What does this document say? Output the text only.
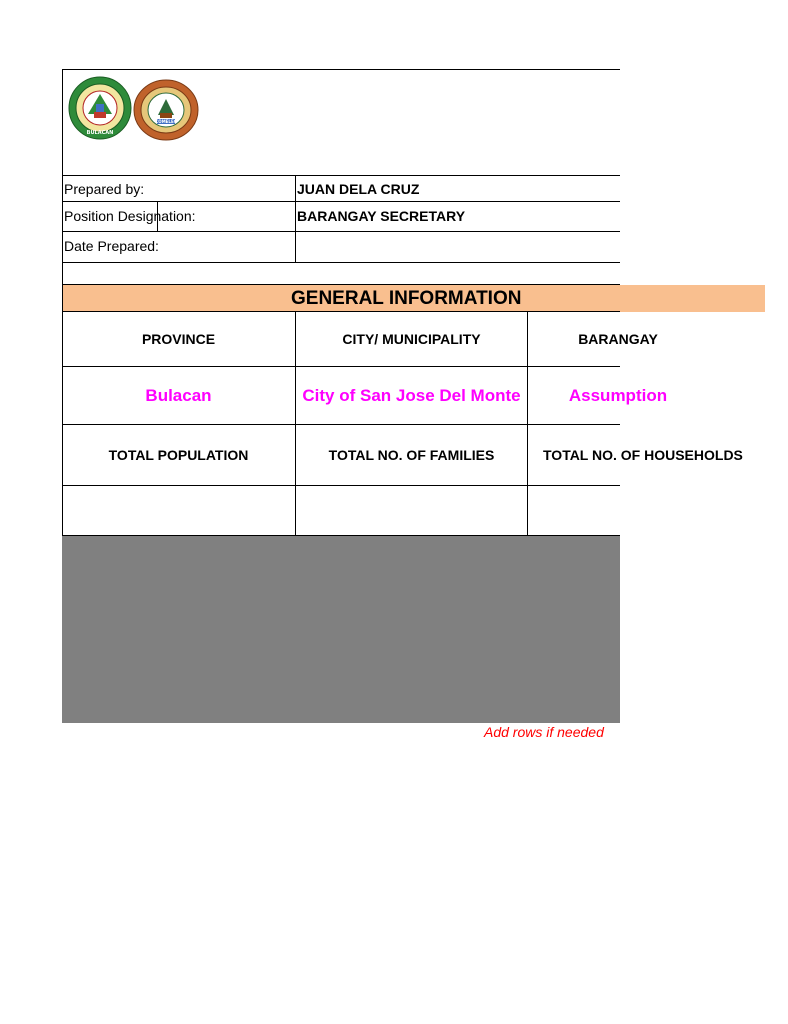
BULACAN
COMELEC
Prepared by:	JUAN DELA CRUZ
Position Designation:	BARANGAY SECRETARY
Date Prepared:
PROVINCE	CITY/ MUNICIPALITY	BARANGAY
Bulacan	City of San Jose Del Monte	Assumption
TOTAL POPULATION	TOTAL NO. OF FAMILIES	TOTAL NO. OF HOUSEHOLDS
GENERAL INFORMATION
Add rows if needed
